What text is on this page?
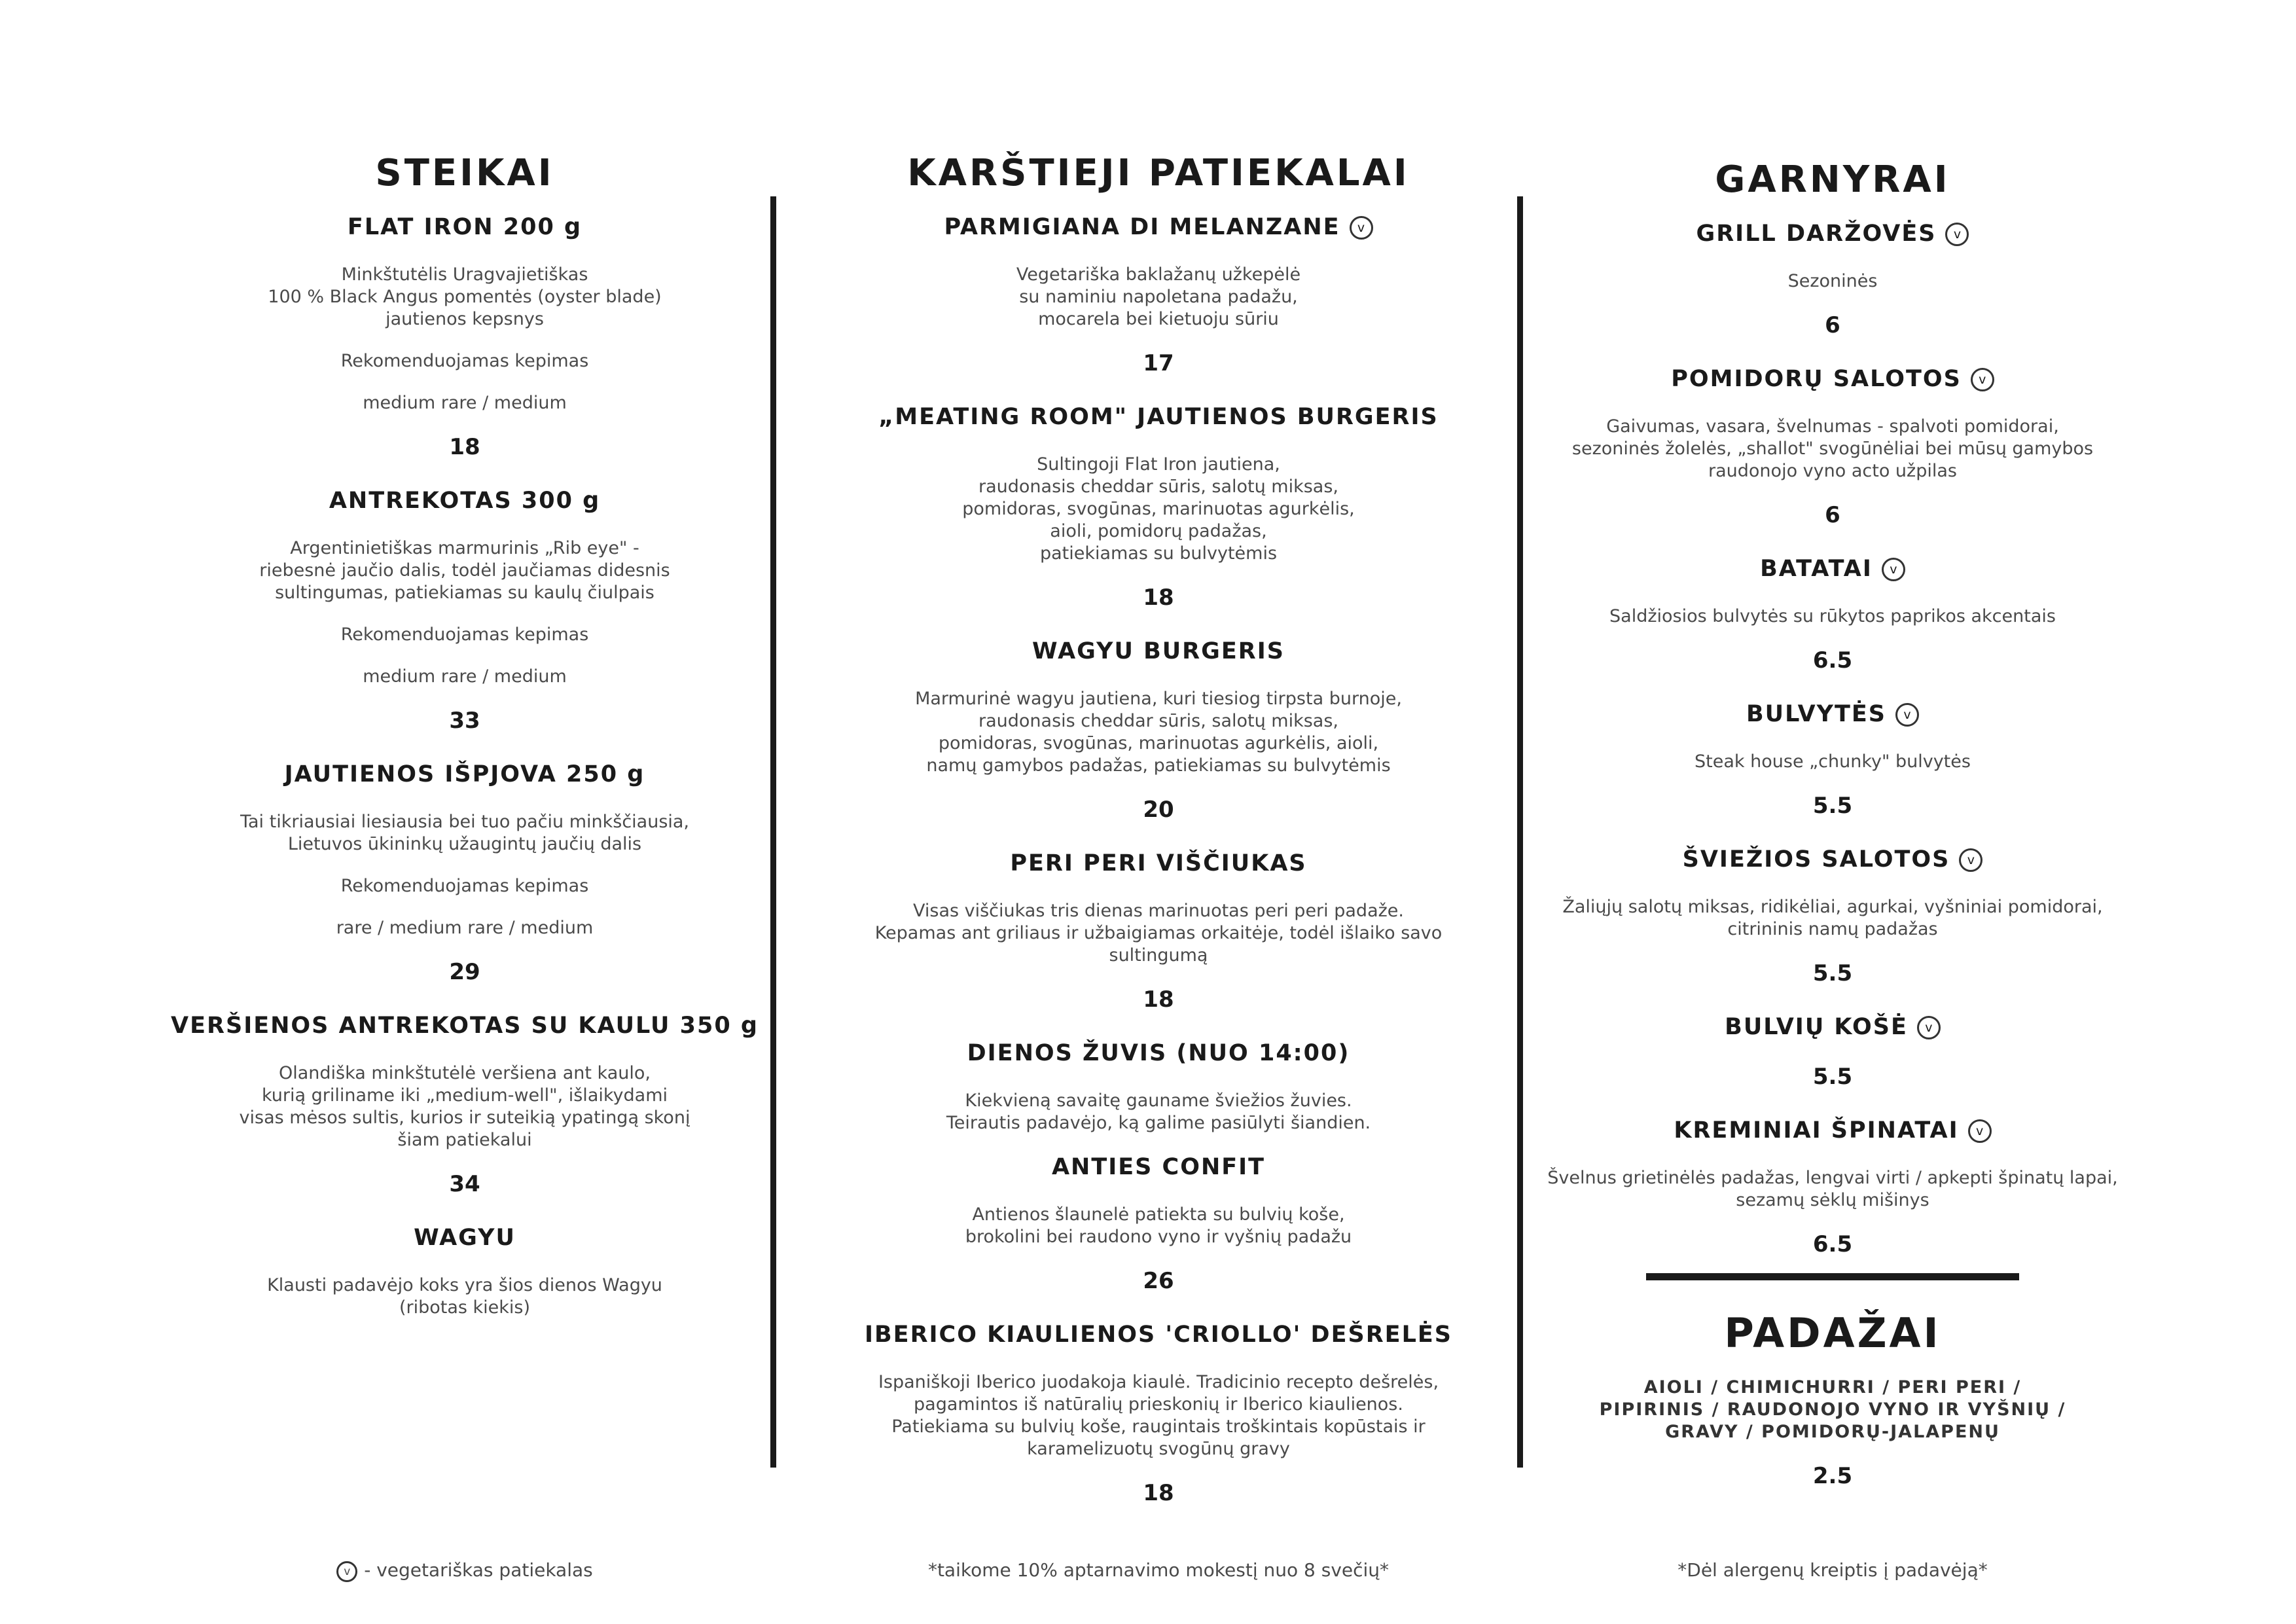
STEIKAI
FLAT IRON 200 g
Minkštutėlis Uragvajietiškas
100 % Black Angus pomentės (oyster blade)
jautienos kepsnys
Rekomenduojamas kepimas
medium rare / medium
18
ANTREKOTAS 300 g
Argentinietiškas marmurinis „Rib eye" -
riebesnė jaučio dalis, todėl jaučiamas didesnis
sultingumas, patiekiamas su kaulų čiulpais
Rekomenduojamas kepimas
medium rare / medium
33
JAUTIENOS IŠPJOVA 250 g
Tai tikriausiai liesiausia bei tuo pačiu minkščiausia,
Lietuvos ūkininkų užaugintų jaučių dalis
Rekomenduojamas kepimas
rare / medium rare / medium
29
VERŠIENOS ANTREKOTAS SU KAULU 350 g
Olandiška minkštutėlė veršiena ant kaulo,
kurią griliname iki „medium-well", išlaikydami
visas mėsos sultis, kurios ir suteikią ypatingą skonį
šiam patiekalui
34
WAGYU
Klausti padavėjo koks yra šios dienos Wagyu
(ribotas kiekis)
KARŠTIEJI PATIEKALAI
PARMIGIANA DI MELANZANE v
Vegetariška baklažanų užkepėlė
su naminiu napoletana padažu,
mocarela bei kietuoju sūriu
17
„MEATING ROOM" JAUTIENOS BURGERIS
Sultingoji Flat Iron jautiena,
raudonasis cheddar sūris, salotų miksas,
pomidoras, svogūnas, marinuotas agurkėlis,
aioli, pomidorų padažas,
patiekiamas su bulvytėmis
18
WAGYU BURGERIS
Marmurinė wagyu jautiena, kuri tiesiog tirpsta burnoje,
raudonasis cheddar sūris, salotų miksas,
pomidoras, svogūnas, marinuotas agurkėlis, aioli,
namų gamybos padažas, patiekiamas su bulvytėmis
20
PERI PERI VIŠČIUKAS
Visas viščiukas tris dienas marinuotas peri peri padaže.
Kepamas ant griliaus ir užbaigiamas orkaitėje, todėl išlaiko savo
sultingumą
18
DIENOS ŽUVIS (NUO 14:00)
Kiekvieną savaitę gauname šviežios žuvies.
Teirautis padavėjo, ką galime pasiūlyti šiandien.
ANTIES CONFIT
Antienos šlaunelė patiekta su bulvių koše,
brokolini bei raudono vyno ir vyšnių padažu
26
IBERICO KIAULIENOS 'CRIOLLO' DEŠRELĖS
Ispaniškoji Iberico juodakoja kiaulė. Tradicinio recepto dešrelės,
pagamintos iš natūralių prieskonių ir Iberico kiaulienos.
Patiekiama su bulvių koše, raugintais troškintais kopūstais ir
karamelizuotų svogūnų gravy
18
GARNYRAI
GRILL DARŽOVĖS v
Sezoninės
6
POMIDORŲ SALOTOS v
Gaivumas, vasara, švelnumas - spalvoti pomidorai,
sezoninės žolelės, „shallot" svogūnėliai bei mūsų gamybos
raudonojo vyno acto užpilas
6
BATATAI v
Saldžiosios bulvytės su rūkytos paprikos akcentais
6.5
BULVYTĖS v
Steak house „chunky" bulvytės
5.5
ŠVIEŽIOS SALOTOS v
Žaliųjų salotų miksas, ridikėliai, agurkai, vyšniniai pomidorai,
citrininis namų padažas
5.5
BULVIŲ KOŠĖ v
5.5
KREMINIAI ŠPINATAI v
Švelnus grietinėlės padažas, lengvai virti / apkepti špinatų lapai,
sezamų sėklų mišinys
6.5
PADAŽAI
AIOLI / CHIMICHURRI / PERI PERI /
PIPIRINIS / RAUDONOJO VYNO IR VYŠNIŲ /
GRAVY / POMIDORŲ-JALAPENŲ
2.5
v - vegetariškas patiekalas	*taikome 10% aptarnavimo mokestį nuo 8 svečių*	*Dėl alergenų kreiptis į padavėją*
